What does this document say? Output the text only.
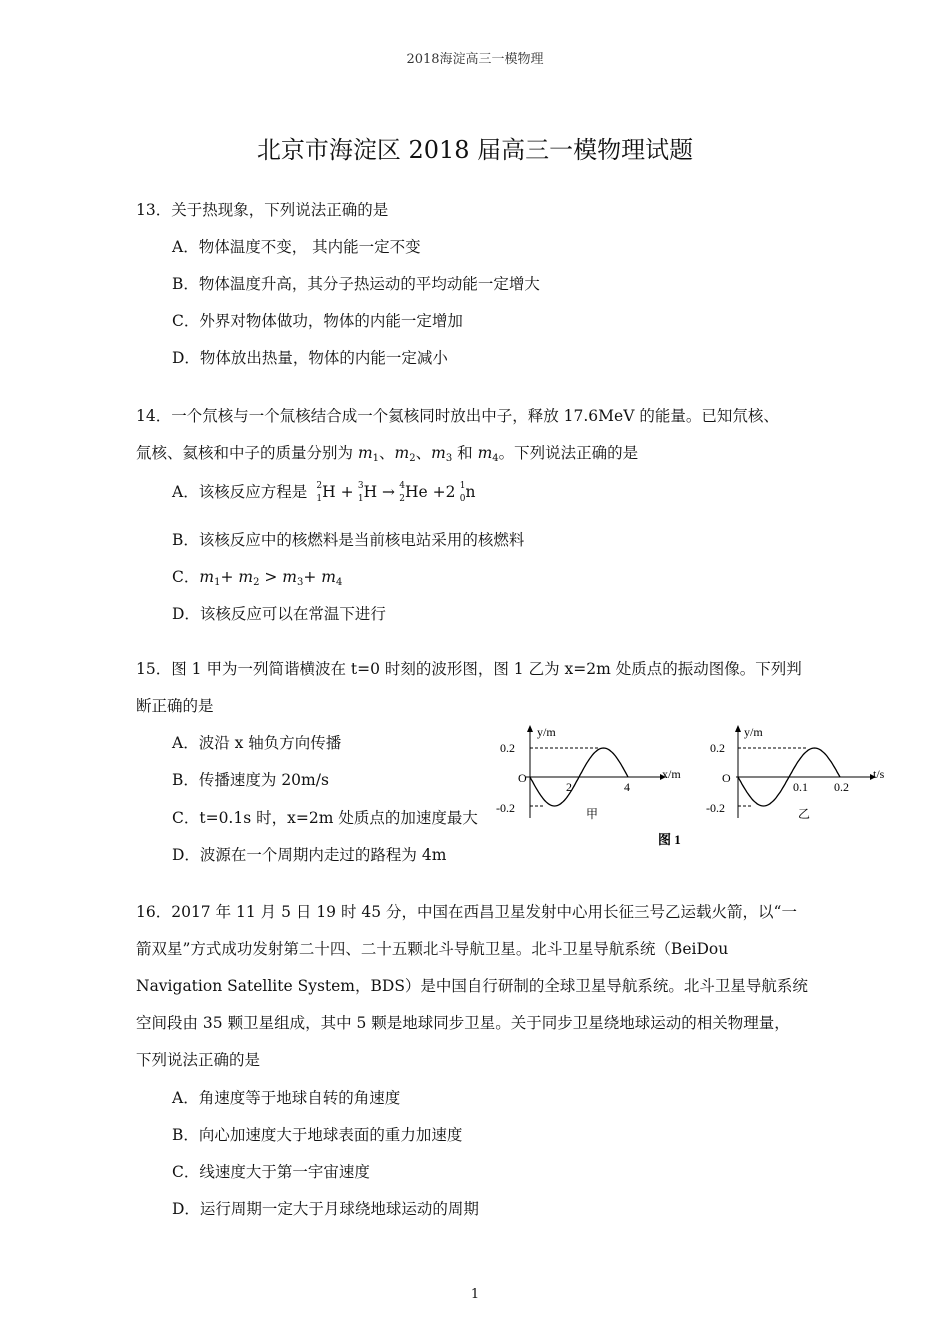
2018海淀高三一模物理
北京市海淀区 2018 届高三一模物理试题
13．关于热现象，下列说法正确的是
A．物体温度不变， 其内能一定不变
B．物体温度升高，其分子热运动的平均动能一定增大
C．外界对物体做功，物体的内能一定增加
D．物体放出热量，物体的内能一定减小
14．一个氘核与一个氚核结合成一个氦核同时放出中子，释放 17.6MeV 的能量。已知氘核、
氚核、氦核和中子的质量分别为 $m_1$、$m_2$、$m_3$ 和 $m_4$。下列说法正确的是
A．该核反应方程是 2
1 H + 3
1 H → 4
2 He +2 1
0 n
B．该核反应中的核燃料是当前核电站采用的核燃料
C．$m_1+ m_2 > m_3+ m_4$
D．该核反应可以在常温下进行
15．图 1 甲为一列简谐横波在 t=0 时刻的波形图，图 1 乙为 x=2m 处质点的振动图像。下列判
断正确的是
A．波沿 x 轴负方向传播
B．传播速度为 20m/s
C．t=0.1s 时，x=2m 处质点的加速度最大
D．波源在一个周期内走过的路程为 4m
y/m
x/m
O
0.2
-0.2
2	4
甲
y/m
t/s
O
0.2
-0.2
0.1 0.2
乙
图 1
16．2017 年 11 月 5 日 19 时 45 分，中国在西昌卫星发射中心用长征三号乙运载火箭，以“一
箭双星”方式成功发射第二十四、二十五颗北斗导航卫星。北斗卫星导航系统（BeiDou
Navigation Satellite System，BDS）是中国自行研制的全球卫星导航系统。北斗卫星导航系统
空间段由 35 颗卫星组成，其中 5 颗是地球同步卫星。关于同步卫星绕地球运动的相关物理量，
下列说法正确的是
A．角速度等于地球自转的角速度
B．向心加速度大于地球表面的重力加速度
C．线速度大于第一宇宙速度
D．运行周期一定大于月球绕地球运动的周期
1
